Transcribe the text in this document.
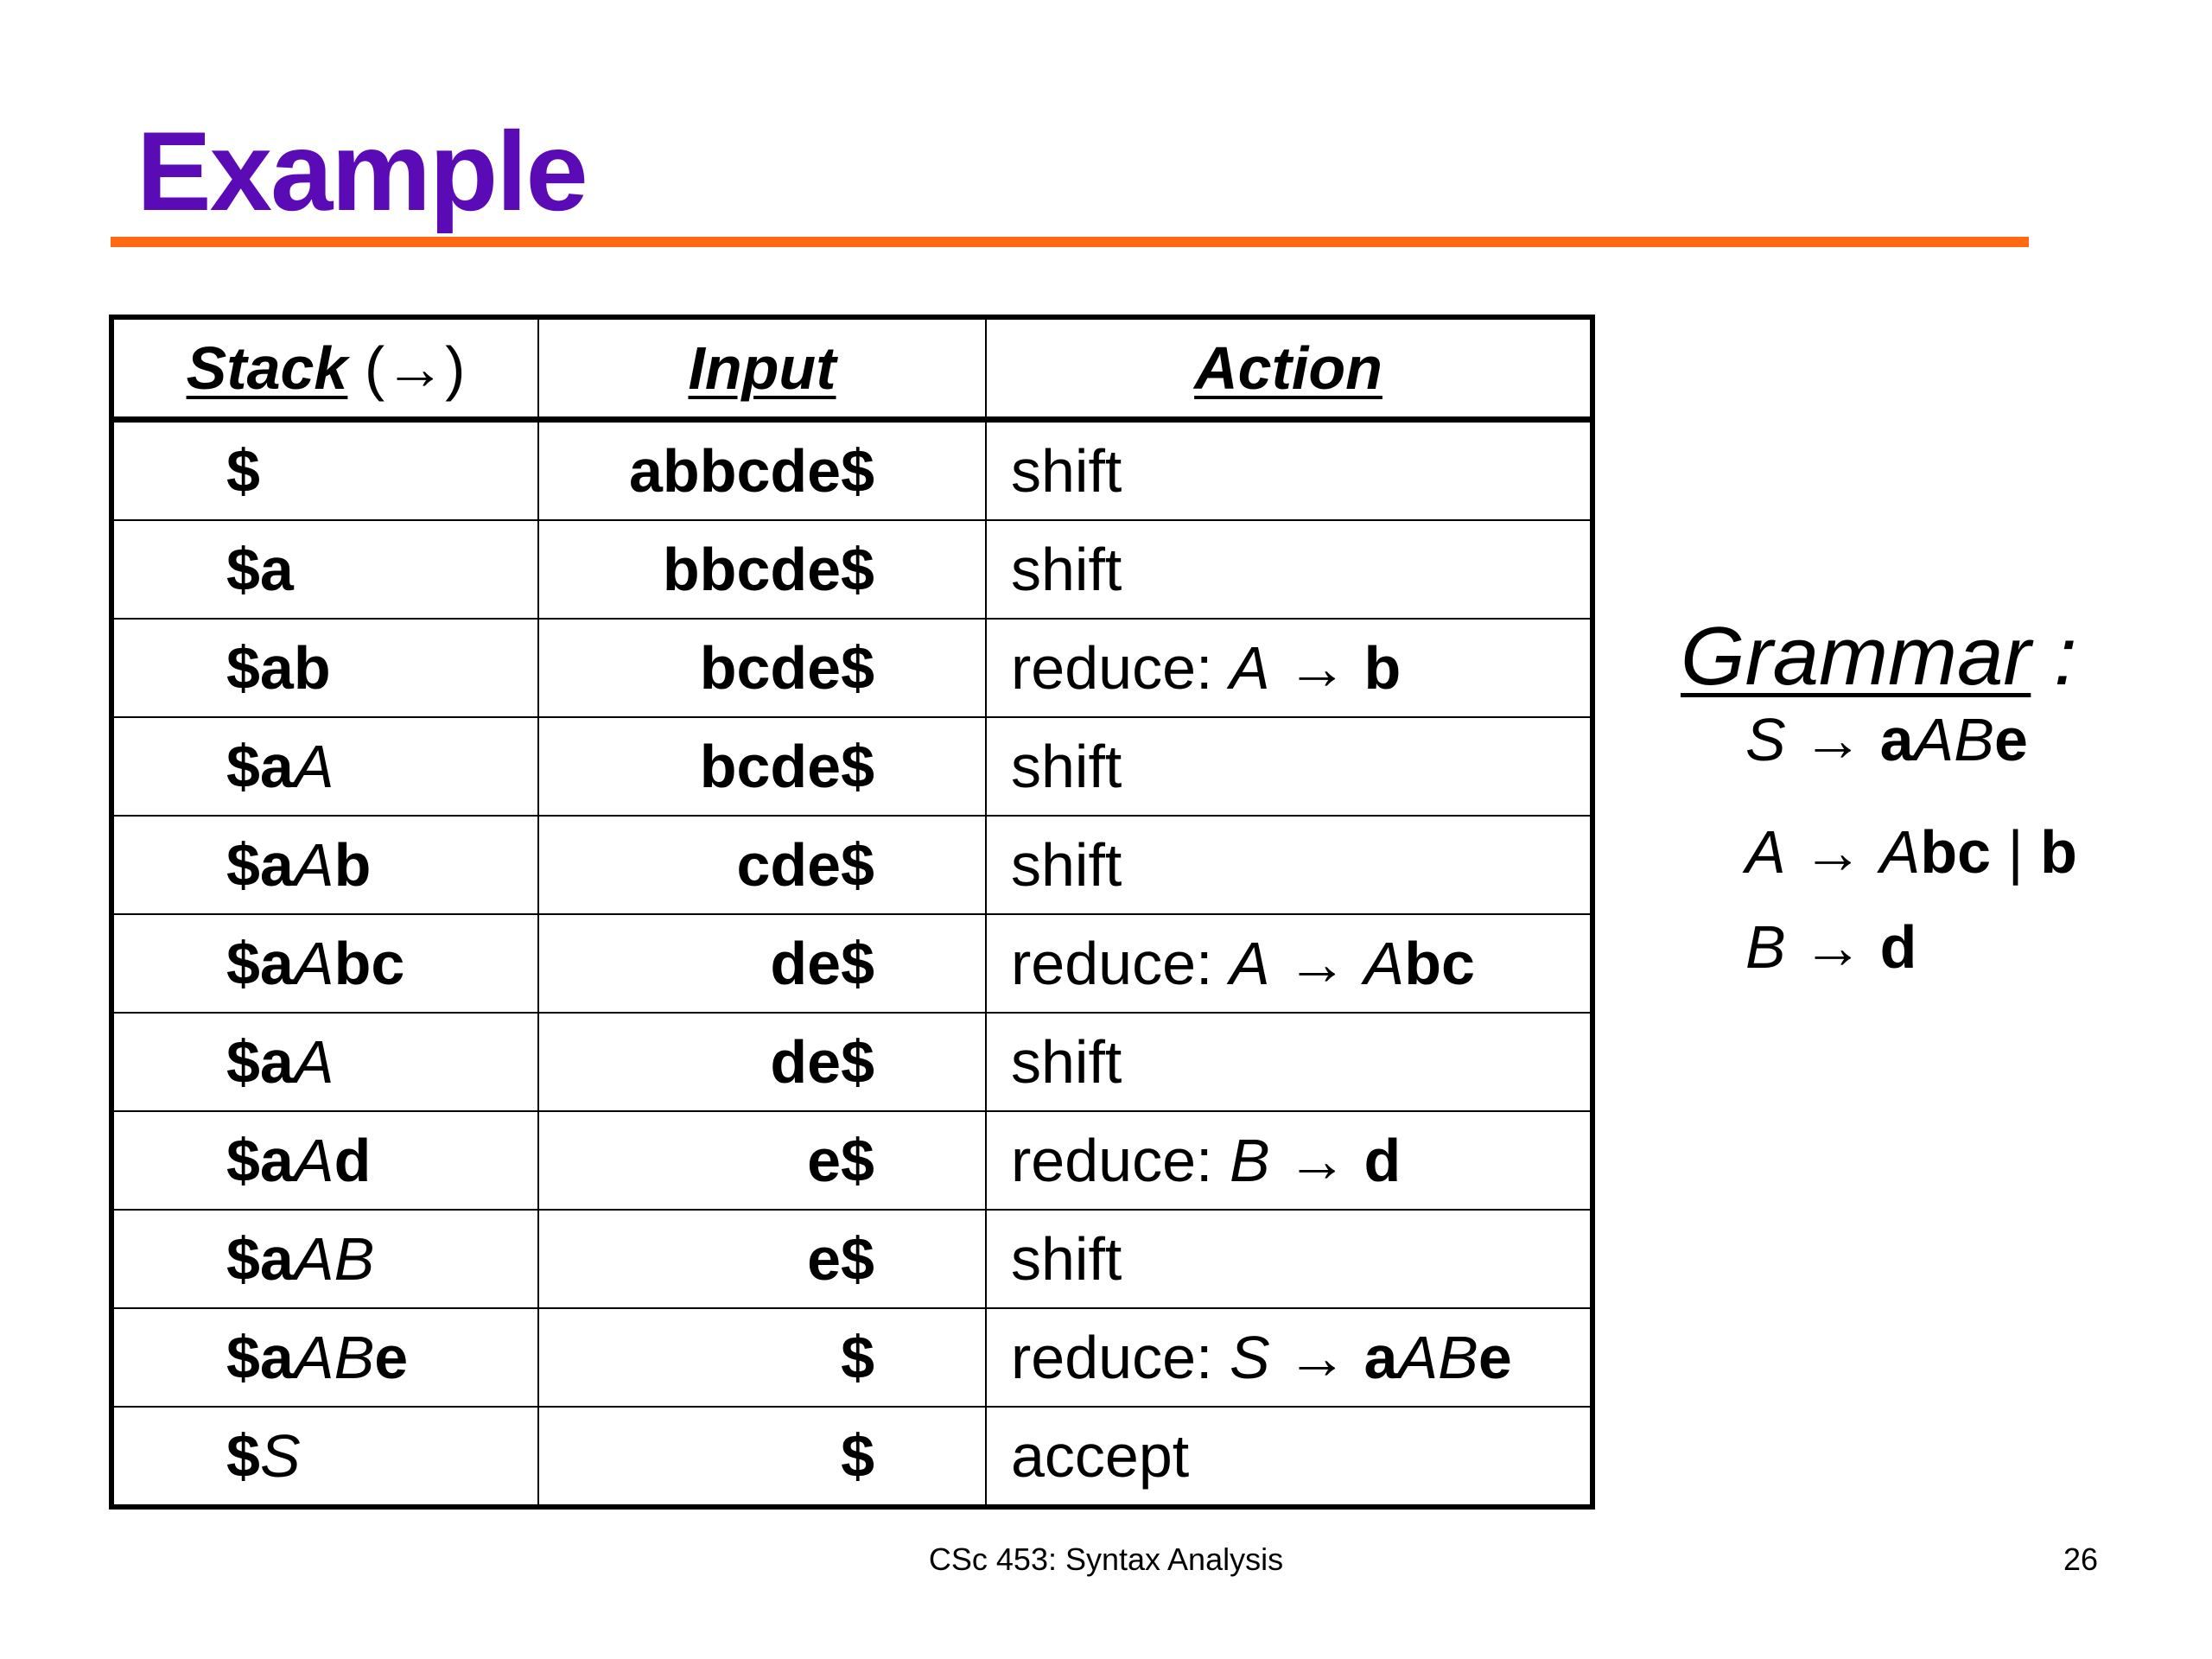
Example
Stack (→)	Input	Action
$	abbcde$	shift
$a	bbcde$	shift
$ab	bcde$	reduce: A → b
$aA	bcde$	shift
$aAb	cde$	shift
$aAbc	de$	reduce: A → Abc
$aA	de$	shift
$aAd	e$	reduce: B → d
$aAB	e$	shift
$aABe	$	reduce: S → aABe
$S	$	accept
Grammar :
S → aABe
A → Abc | b
B → d
CSc 453: Syntax Analysis	26
